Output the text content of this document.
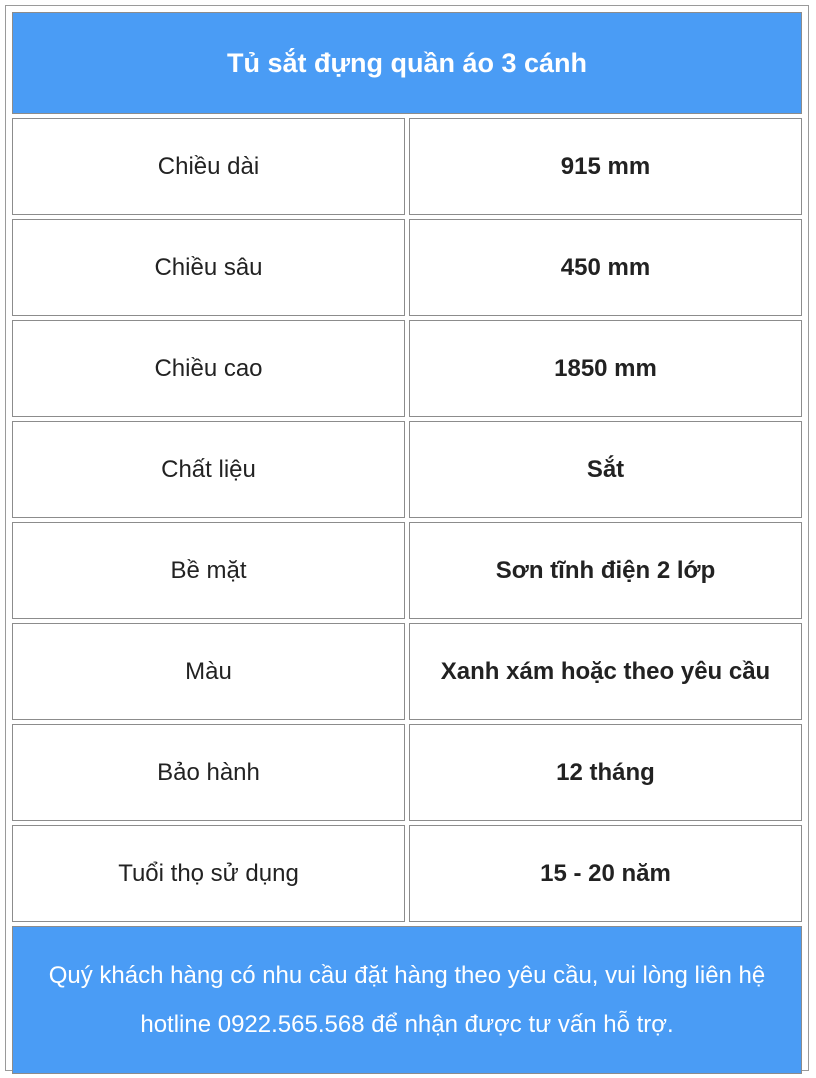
Tủ sắt đựng quần áo 3 cánh	
Chiều dài	915 mm
Chiều sâu	450 mm
Chiều cao	1850 mm
Chất liệu	Sắt
Bề mặt	Sơn tĩnh điện 2 lớp
Màu	Xanh xám hoặc theo yêu cầu
Bảo hành	12 tháng
Tuổi thọ sử dụng	15 - 20 năm
Quý khách hàng có nhu cầu đặt hàng theo yêu cầu, vui lòng liên hệ
hotline 0922.565.568 để nhận được tư vấn hỗ trợ.	
